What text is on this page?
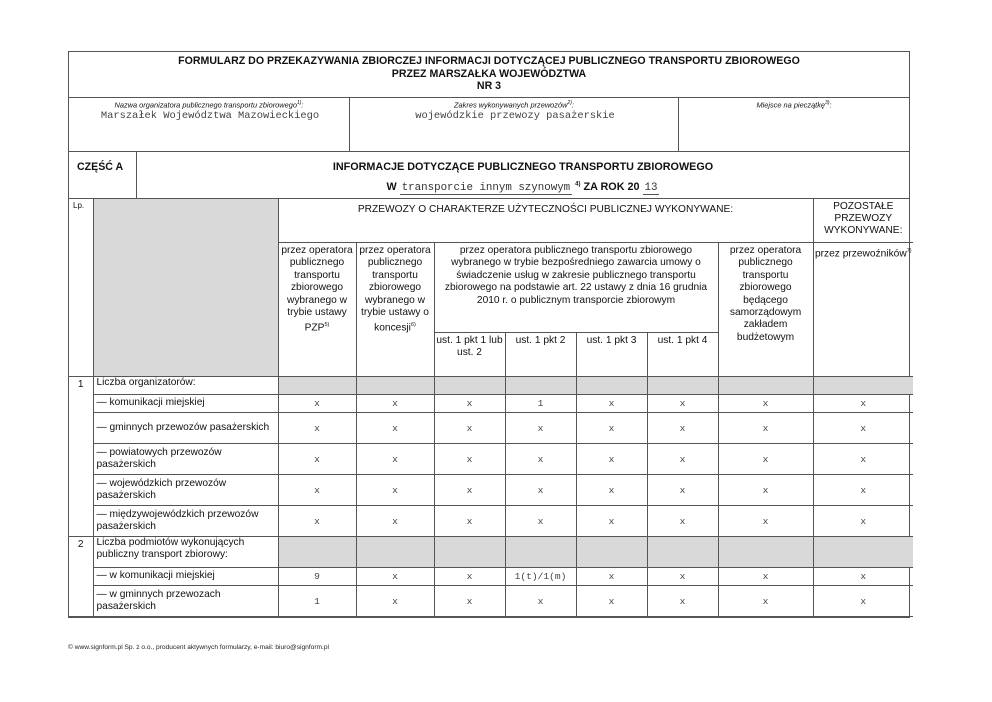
FORMULARZ DO PRZEKAZYWANIA ZBIORCZEJ INFORMACJI DOTYCZĄCEJ PUBLICZNEGO TRANSPORTU ZBIOROWEGO
PRZEZ MARSZAŁKA WOJEWÓDZTWA
NR 3
Nazwa organizatora publicznego transportu zbiorowego$^{1)}$:
Marszałek Województwa Mazowieckiego
Zakres wykonywanych przewozów$^{2)}$:
wojewódzkie przewozy pasażerskie
Miejsce na pieczątkę$^{3)}$:
CZĘŚĆ A	INFORMACJE DOTYCZĄCE PUBLICZNEGO TRANSPORTU ZBIOROWEGO
W transporcie innym szynowym $^{4)}$ ZA ROK 20 13
Lp.		PRZEWOZY O CHARAKTERZE UŻYTECZNOŚCI PUBLICZNEJ WYKONYWANE:							POZOSTAŁE PRZEWOZY WYKONYWANE:
		przez operatora publicznego transportu zbiorowego wybranego w trybie ustawy PZP$^{5)}$	przez operatora publicznego transportu zbiorowego wybranego w trybie ustawy o koncesji$^{6)}$	przez operatora publicznego transportu zbiorowego wybranego w trybie bezpośredniego zawarcia umowy o świadczenie usług w zakresie publicznego transportu zbiorowego na podstawie art. 22 ustawy z dnia 16 grudnia 2010 r. o publicznym transporcie zbiorowym				przez operatora publicznego transportu zbiorowego będącego samorządowym zakładem budżetowym	przez przewoźników$^{7)}$
				ust. 1 pkt 1 lub ust. 2	ust. 1 pkt 2	ust. 1 pkt 3	ust. 1 pkt 4		
1	Liczba organizatorów:								
	— komunikacji miejskiej	x	x	x	1	x	x	x	x
	— gminnych przewozów pasażerskich	x	x	x	x	x	x	x	x
	— powiatowych przewozów pasażerskich	x	x	x	x	x	x	x	x
	— wojewódzkich przewozów pasażerskich	x	x	x	x	x	x	x	x
	— międzywojewódzkich przewozów pasażerskich	x	x	x	x	x	x	x	x
2	Liczba podmiotów wykonujących publiczny transport zbiorowy:								
	— w komunikacji miejskiej	9	x	x	1(t)/1(m)	x	x	x	x
	— w gminnych przewozach pasażerskich	1	x	x	x	x	x	x	x
© www.signform.pl Sp. z o.o., producent aktywnych formularzy, e-mail: biuro@signform.pl
